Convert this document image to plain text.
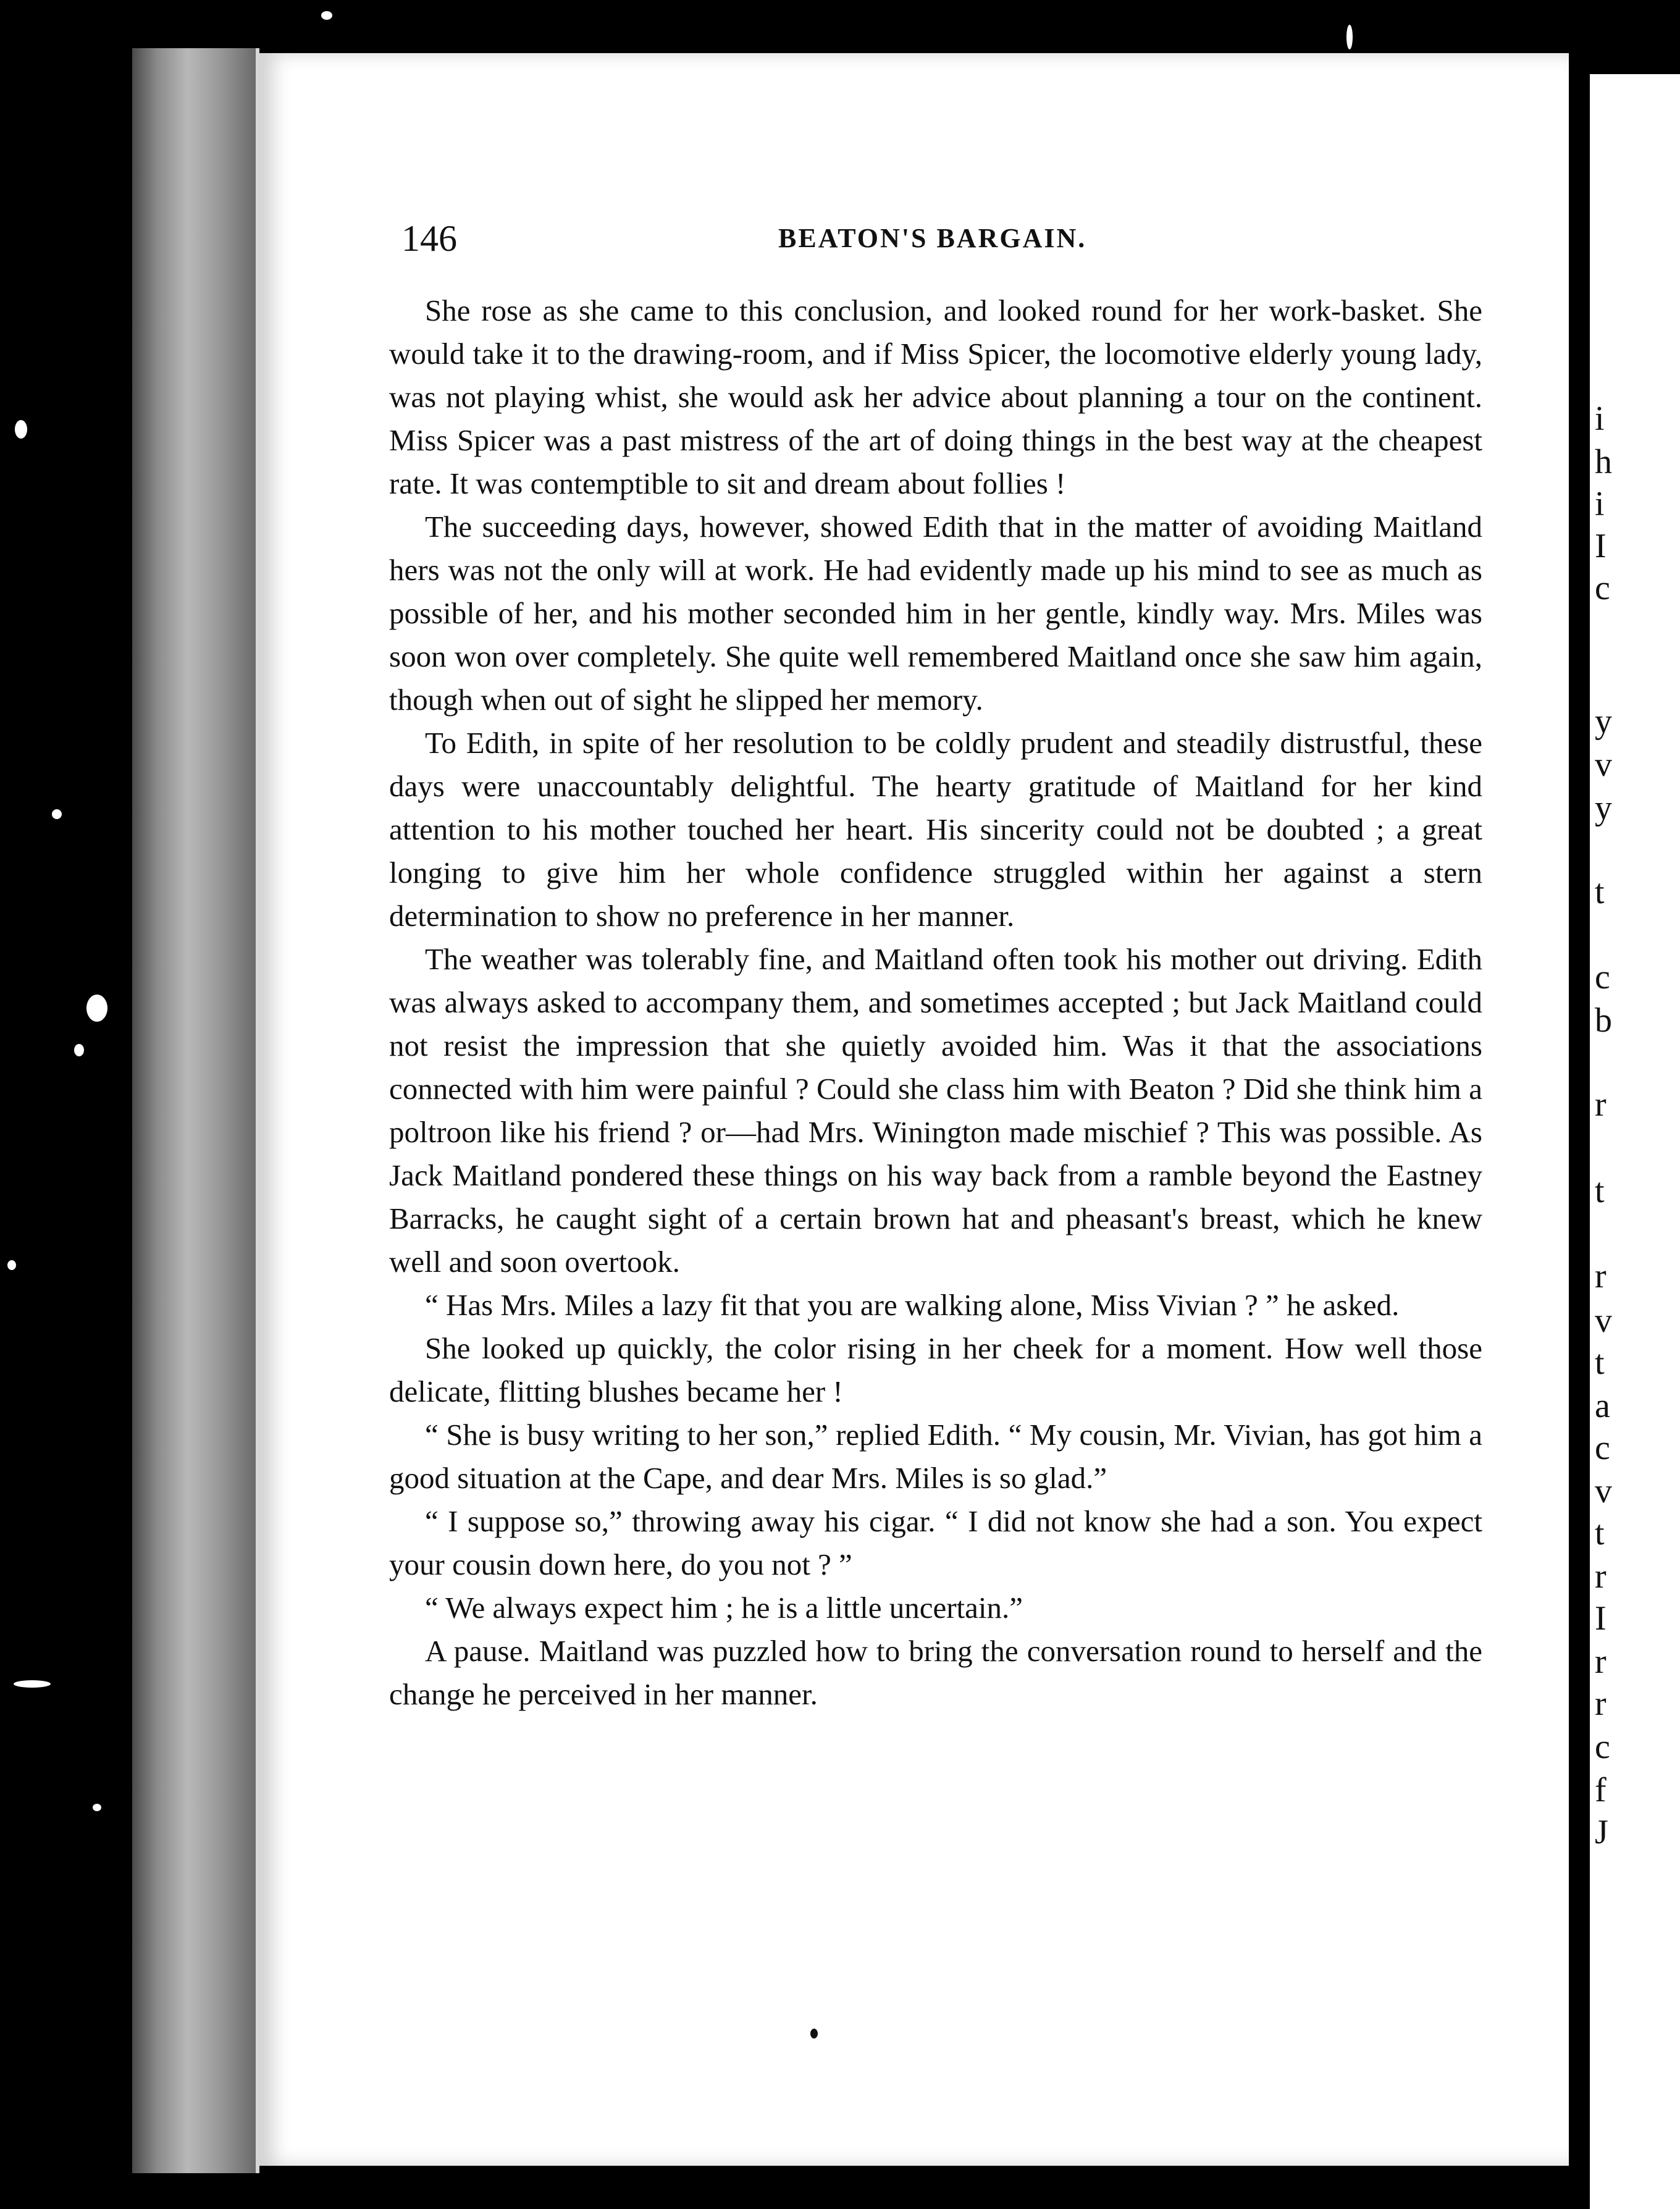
i
h
i
I
c
y
v
y
t
c
b
r
t
r
v
t
a
c
v
t
r
I
r
r
c
f
J
146	BEATON'S BARGAIN.

She rose as she came to this conclusion, and looked round for her work-basket. She would take it to the drawing-room, and if Miss Spicer, the locomotive elderly young lady, was not playing whist, she would ask her advice about planning a tour on the continent. Miss Spicer was a past mistress of the art of doing things in the best way at the cheapest rate. It was contemptible to sit and dream about follies !

The succeeding days, however, showed Edith that in the matter of avoiding Maitland hers was not the only will at work. He had evidently made up his mind to see as much as possible of her, and his mother seconded him in her gentle, kindly way. Mrs. Miles was soon won over completely. She quite well remembered Maitland once she saw him again, though when out of sight he slipped her memory.

To Edith, in spite of her resolution to be coldly prudent and steadily distrustful, these days were unaccountably delightful. The hearty gratitude of Maitland for her kind attention to his mother touched her heart. His sincerity could not be doubted ; a great longing to give him her whole confidence struggled within her against a stern determination to show no preference in her manner.

The weather was tolerably fine, and Maitland often took his mother out driving. Edith was always asked to accompany them, and sometimes accepted ; but Jack Maitland could not resist the impression that she quietly avoided him. Was it that the associations connected with him were painful ? Could she class him with Beaton ? Did she think him a poltroon like his friend ? or—had Mrs. Winington made mischief ? This was possible. As Jack Maitland pondered these things on his way back from a ramble beyond the Eastney Barracks, he caught sight of a certain brown hat and pheasant's breast, which he knew well and soon overtook.

“ Has Mrs. Miles a lazy fit that you are walking alone, Miss Vivian ? ” he asked.

She looked up quickly, the color rising in her cheek for a moment. How well those delicate, flitting blushes became her !

“ She is busy writing to her son,” replied Edith. “ My cousin, Mr. Vivian, has got him a good situation at the Cape, and dear Mrs. Miles is so glad.”

“ I suppose so,” throwing away his cigar. “ I did not know she had a son. You expect your cousin down here, do you not ? ”

“ We always expect him ; he is a little uncertain.”

A pause. Maitland was puzzled how to bring the conversation round to herself and the change he perceived in her manner.
